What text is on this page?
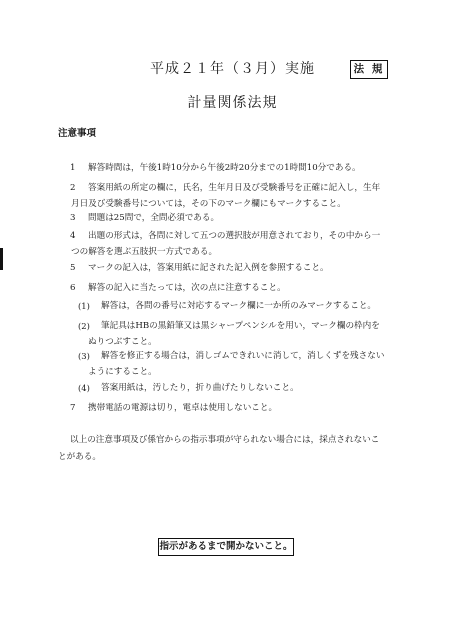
平成２１年（３月）実施	法 規
計量関係法規
注意事項
1 解答時間は，午後1時10分から午後2時20分までの1時間10分である。
2 答案用紙の所定の欄に，氏名，生年月日及び受験番号を正確に記入し，生年
月日及び受験番号については，その下のマーク欄にもマークすること。
3 問題は25問で，全問必須である。
4 出題の形式は，各問に対して五つの選択肢が用意されており，その中から一
つの解答を選ぶ五肢択一方式である。
5 マークの記入は，答案用紙に記された記入例を参照すること。
6 解答の記入に当たっては，次の点に注意すること。
(1) 解答は，各問の番号に対応するマーク欄に一か所のみマークすること。
(2) 筆記具はHBの黒鉛筆又は黒シャープペンシルを用い，マーク欄の枠内を
ぬりつぶすこと。
(3) 解答を修正する場合は，消しゴムできれいに消して，消しくずを残さない
ようにすること。
(4) 答案用紙は，汚したり，折り曲げたりしないこと。
7 携帯電話の電源は切り，電卓は使用しないこと。
以上の注意事項及び係官からの指示事項が守られない場合には，採点されないこ
とがある。
指示があるまで開かないこと。
